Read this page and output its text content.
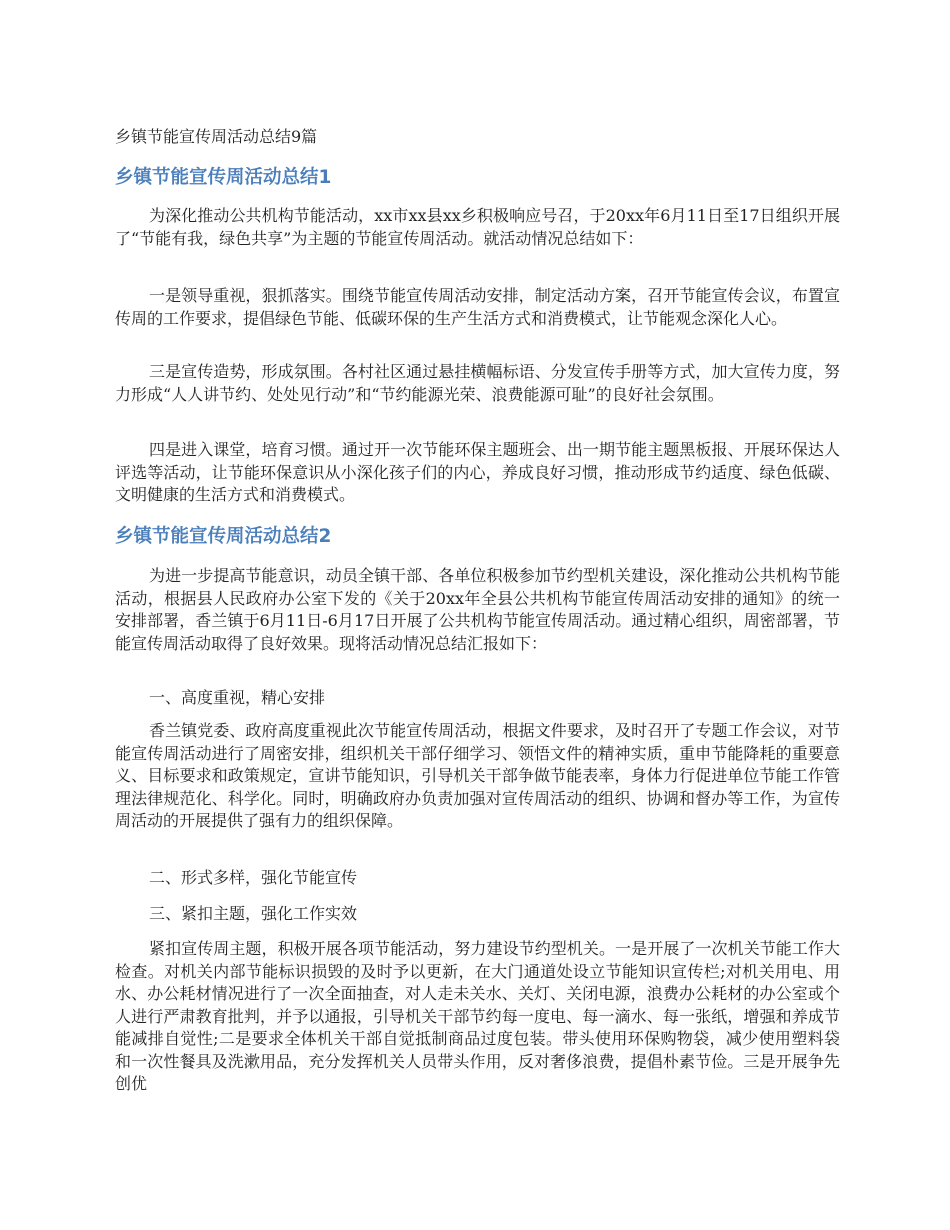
乡镇节能宣传周活动总结9篇
乡镇节能宣传周活动总结1

为深化推动公共机构节能活动，xx市xx县xx乡积极响应号召，于20xx年6月11日至17日组织开展了“节能有我，绿色共享”为主题的节能宣传周活动。就活动情况总结如下：

一是领导重视，狠抓落实。围绕节能宣传周活动安排，制定活动方案，召开节能宣传会议，布置宣传周的工作要求，提倡绿色节能、低碳环保的生产生活方式和消费模式，让节能观念深化人心。

三是宣传造势，形成氛围。各村社区通过悬挂横幅标语、分发宣传手册等方式，加大宣传力度，努力形成“人人讲节约、处处见行动”和“节约能源光荣、浪费能源可耻”的良好社会氛围。

四是进入课堂，培育习惯。通过开一次节能环保主题班会、出一期节能主题黑板报、开展环保达人评选等活动，让节能环保意识从小深化孩子们的内心，养成良好习惯，推动形成节约适度、绿色低碳、文明健康的生活方式和消费模式。

乡镇节能宣传周活动总结2

为进一步提高节能意识，动员全镇干部、各单位积极参加节约型机关建设，深化推动公共机构节能活动，根据县人民政府办公室下发的《关于20xx年全县公共机构节能宣传周活动安排的通知》的统一安排部署，香兰镇于6月11日-6月17日开展了公共机构节能宣传周活动。通过精心组织，周密部署，节能宣传周活动取得了良好效果。现将活动情况总结汇报如下：

一、高度重视，精心安排

香兰镇党委、政府高度重视此次节能宣传周活动，根据文件要求，及时召开了专题工作会议，对节能宣传周活动进行了周密安排，组织机关干部仔细学习、领悟文件的精神实质，重申节能降耗的重要意义、目标要求和政策规定，宣讲节能知识，引导机关干部争做节能表率，身体力行促进单位节能工作管理法律规范化、科学化。同时，明确政府办负责加强对宣传周活动的组织、协调和督办等工作，为宣传周活动的开展提供了强有力的组织保障。

二、形式多样，强化节能宣传

三、紧扣主题，强化工作实效

紧扣宣传周主题，积极开展各项节能活动，努力建设节约型机关。一是开展了一次机关节能工作大检查。对机关内部节能标识损毁的及时予以更新，在大门通道处设立节能知识宣传栏;对机关用电、用水、办公耗材情况进行了一次全面抽查，对人走未关水、关灯、关闭电源，浪费办公耗材的办公室或个人进行严肃教育批判，并予以通报，引导机关干部节约每一度电、每一滴水、每一张纸，增强和养成节能减排自觉性;二是要求全体机关干部自觉抵制商品过度包装。带头使用环保购物袋，减少使用塑料袋和一次性餐具及洗漱用品，充分发挥机关人员带头作用，反对奢侈浪费，提倡朴素节俭。三是开展争先创优
